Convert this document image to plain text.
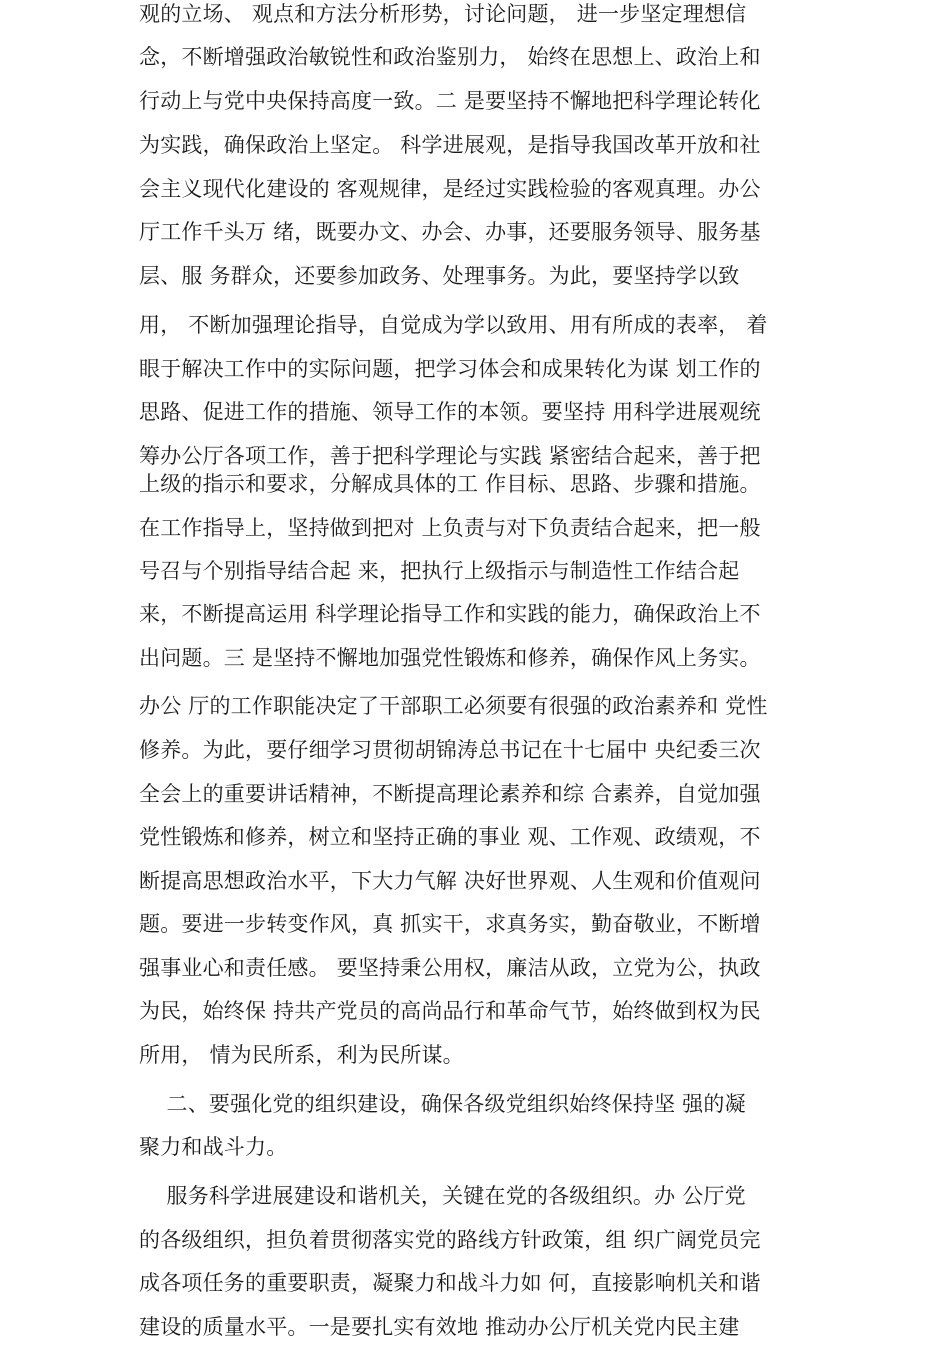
观的立场、 观点和方法分析形势，讨论问题， 进一步坚定理想信
念，不断增强政治敏锐性和政治鉴别力， 始终在思想上、政治上和
行动上与党中央保持高度一致。二 是要坚持不懈地把科学理论转化
为实践，确保政治上坚定。 科学进展观，是指导我国改革开放和社
会主义现代化建设的 客观规律，是经过实践检验的客观真理。办公
厅工作千头万 绪，既要办文、办会、办事，还要服务领导、服务基
层、服 务群众，还要参加政务、处理事务。为此，要坚持学以致
用， 不断加强理论指导，自觉成为学以致用、用有所成的表率， 着
眼于解决工作中的实际问题，把学习体会和成果转化为谋 划工作的
思路、促进工作的措施、领导工作的本领。要坚持 用科学进展观统
筹办公厅各项工作，善于把科学理论与实践 紧密结合起来，善于把
上级的指示和要求，分解成具体的工 作目标、思路、步骤和措施。
在工作指导上，坚持做到把对 上负责与对下负责结合起来，把一般
号召与个别指导结合起 来，把执行上级指示与制造性工作结合起
来，不断提高运用 科学理论指导工作和实践的能力，确保政治上不
出问题。三 是坚持不懈地加强党性锻炼和修养，确保作风上务实。
办公 厅的工作职能决定了干部职工必须要有很强的政治素养和 党性
修养。为此，要仔细学习贯彻胡锦涛总书记在十七届中 央纪委三次
全会上的重要讲话精神，不断提高理论素养和综 合素养，自觉加强
党性锻炼和修养，树立和坚持正确的事业 观、工作观、政绩观，不
断提高思想政治水平，下大力气解 决好世界观、人生观和价值观问
题。要进一步转变作风，真 抓实干，求真务实，勤奋敬业，不断增
强事业心和责任感。 要坚持秉公用权，廉洁从政，立党为公，执政
为民，始终保 持共产党员的高尚品行和革命气节，始终做到权为民
所用， 情为民所系，利为民所谋。
二、要强化党的组织建设，确保各级党组织始终保持坚 强的凝
聚力和战斗力。
服务科学进展建设和谐机关，关键在党的各级组织。办 公厅党
的各级组织，担负着贯彻落实党的路线方针政策，组 织广阔党员完
成各项任务的重要职责，凝聚力和战斗力如 何，直接影响机关和谐
建设的质量水平。一是要扎实有效地 推动办公厅机关党内民主建
